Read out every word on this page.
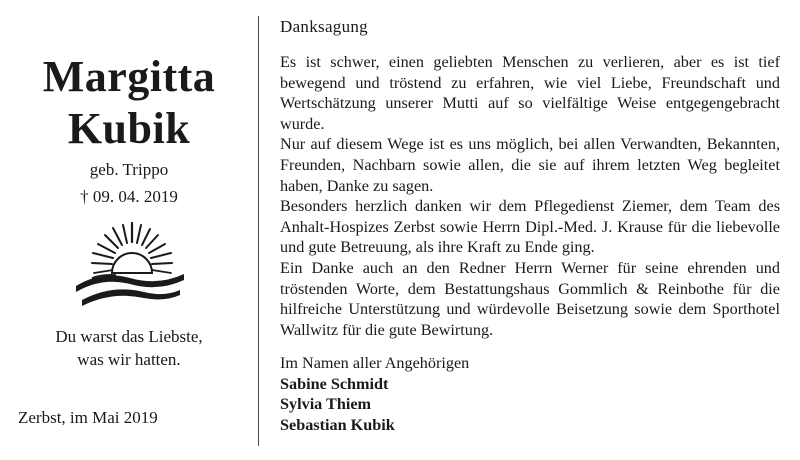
Margitta
Kubik
geb. Trippo
† 09. 04. 2019
Du warst das Liebste,
was wir hatten.
Zerbst, im Mai 2019
Danksagung

Es ist schwer, einen geliebten Menschen zu verlieren, aber es ist tief bewegend und tröstend zu erfahren, wie viel Liebe, Freundschaft und Wertschätzung unserer Mutti auf so vielfältige Weise entgegengebracht wurde.

Nur auf diesem Wege ist es uns möglich, bei allen Verwandten, Bekannten, Freunden, Nachbarn sowie allen, die sie auf ihrem letzten Weg begleitet haben, Danke zu sagen.

Besonders herzlich danken wir dem Pflegedienst Ziemer, dem Team des Anhalt-Hospizes Zerbst sowie Herrn Dipl.-Med. J. Krause für die liebevolle und gute Betreuung, als ihre Kraft zu Ende ging.

Ein Danke auch an den Redner Herrn Werner für seine ehrenden und tröstenden Worte, dem Bestattungshaus Gommlich & Reinbothe für die hilfreiche Unterstützung und würdevolle Beisetzung sowie dem Sporthotel Wallwitz für die gute Bewirtung.

Im Namen aller Angehörigen
Sabine Schmidt
Sylvia Thiem
Sebastian Kubik
